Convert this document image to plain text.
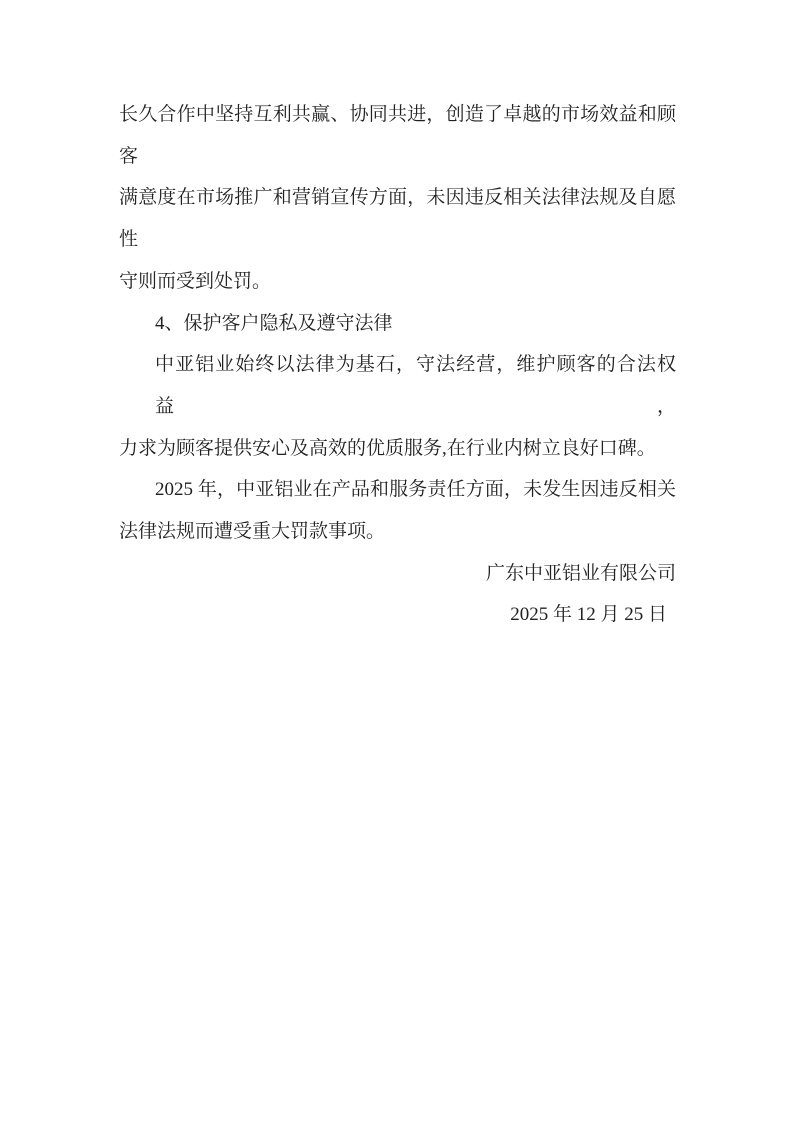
长久合作中坚持互利共赢、协同共进，创造了卓越的市场效益和顾客
满意度在市场推广和营销宣传方面，未因违反相关法律法规及自愿性
守则而受到处罚。
4、保护客户隐私及遵守法律
中亚铝业始终以法律为基石，守法经营，维护顾客的合法权益，
力求为顾客提供安心及高效的优质服务,在行业内树立良好口碑。
2025 年，中亚铝业在产品和服务责任方面，未发生因违反相关
法律法规而遭受重大罚款事项。
广东中亚铝业有限公司
2025 年 12 月 25 日
